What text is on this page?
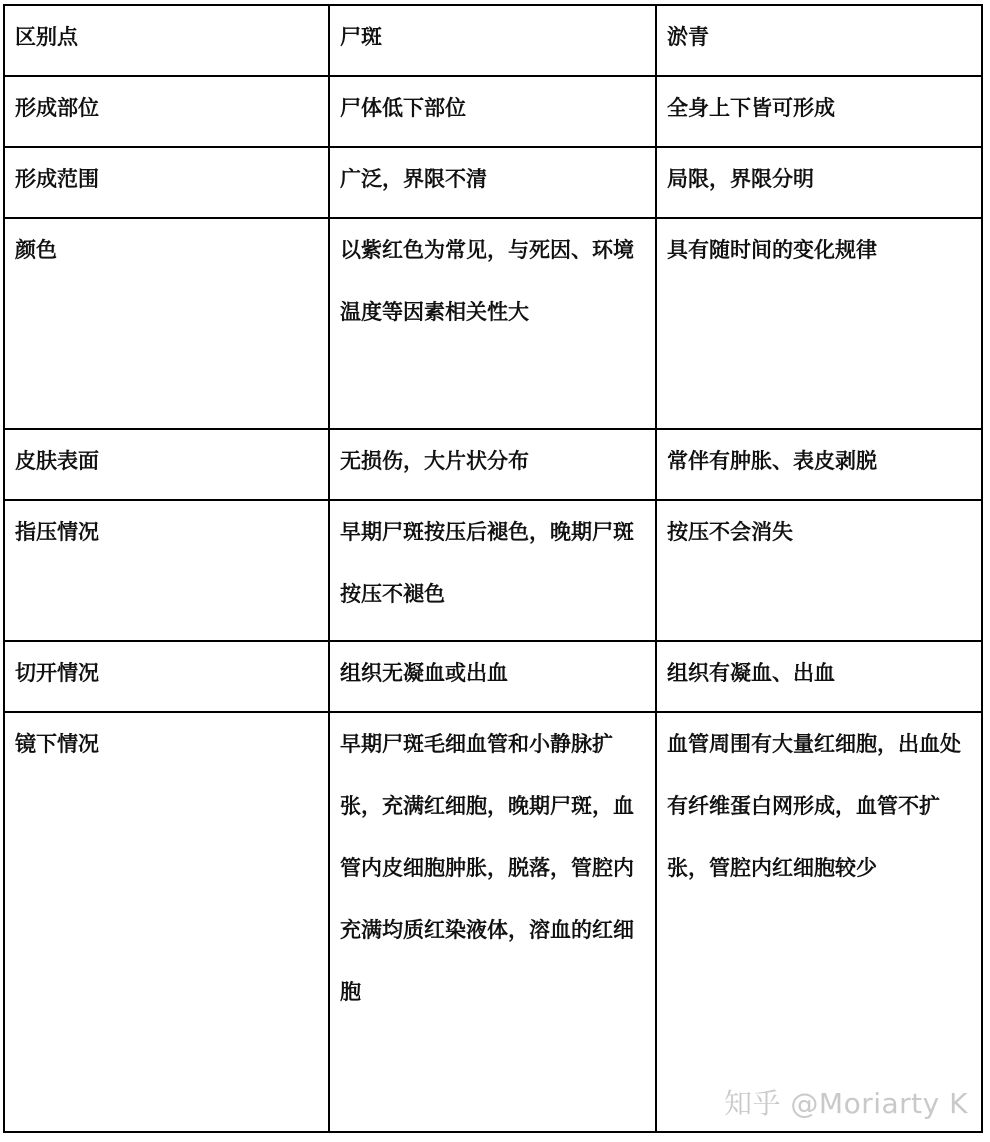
区别点	尸斑	淤青

形成部位	尸体低下部位	全身上下皆可形成

形成范围	广泛，界限不清	局限，界限分明

颜色	以紫红色为常见，与死因、环境温度等因素相关性大	具有随时间的变化规律

皮肤表面	无损伤，大片状分布	常伴有肿胀、表皮剥脱

指压情况	早期尸斑按压后褪色，晚期尸斑按压不褪色	按压不会消失

切开情况	组织无凝血或出血	组织有凝血、出血

镜下情况	早期尸斑毛细血管和小静脉扩张，充满红细胞，晚期尸斑，血管内皮细胞肿胀，脱落，管腔内充满均质红染液体，溶血的红细胞	血管周围有大量红细胞，出血处有纤维蛋白网形成，血管不扩张，管腔内红细胞较少
知乎 @Moriarty K
